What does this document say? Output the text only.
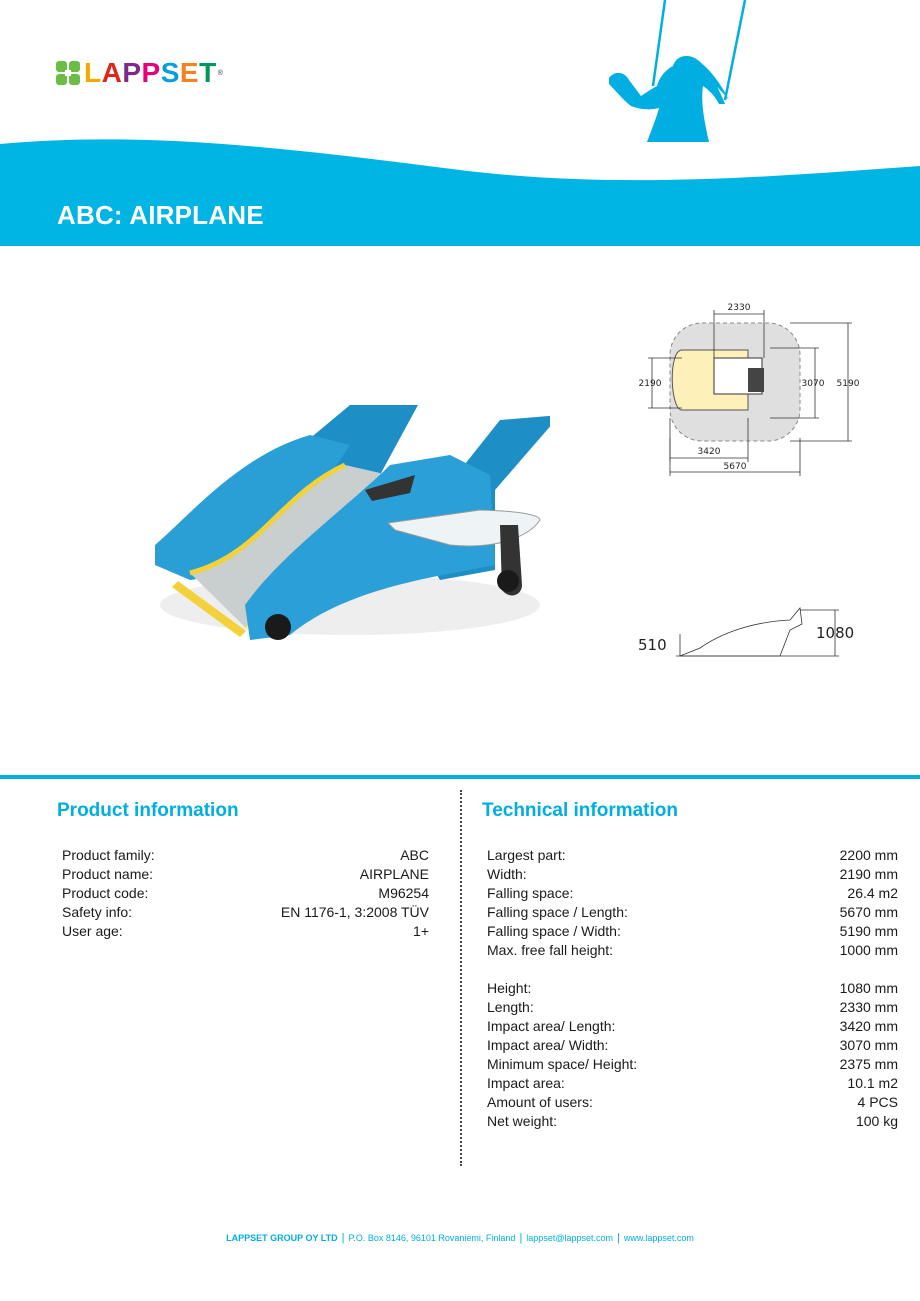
LAPPSET ®
ABC: AIRPLANE
2330
2190	3070 5190
3420
5670
510
1080
Product information
Product family:	ABC
Product name:	AIRPLANE
Product code:	M96254
Safety info:	EN 1176-1, 3:2008 TÜV
User age:	1+
Technical information
Largest part:	2200 mm
Width:	2190 mm
Falling space:	26.4 m2
Falling space / Length:	5670 mm
Falling space / Width:	5190 mm
Max. free fall height:	1000 mm

Height:	1080 mm
Length:	2330 mm
Impact area/ Length:	3420 mm
Impact area/ Width:	3070 mm
Minimum space/ Height:	2375 mm
Impact area:	10.1 m2
Amount of users:	4 PCS
Net weight:	100 kg
LAPPSET GROUP OY LTD | P.O. Box 8146, 96101 Rovaniemi, Finland | lappset@lappset.com | www.lappset.com
